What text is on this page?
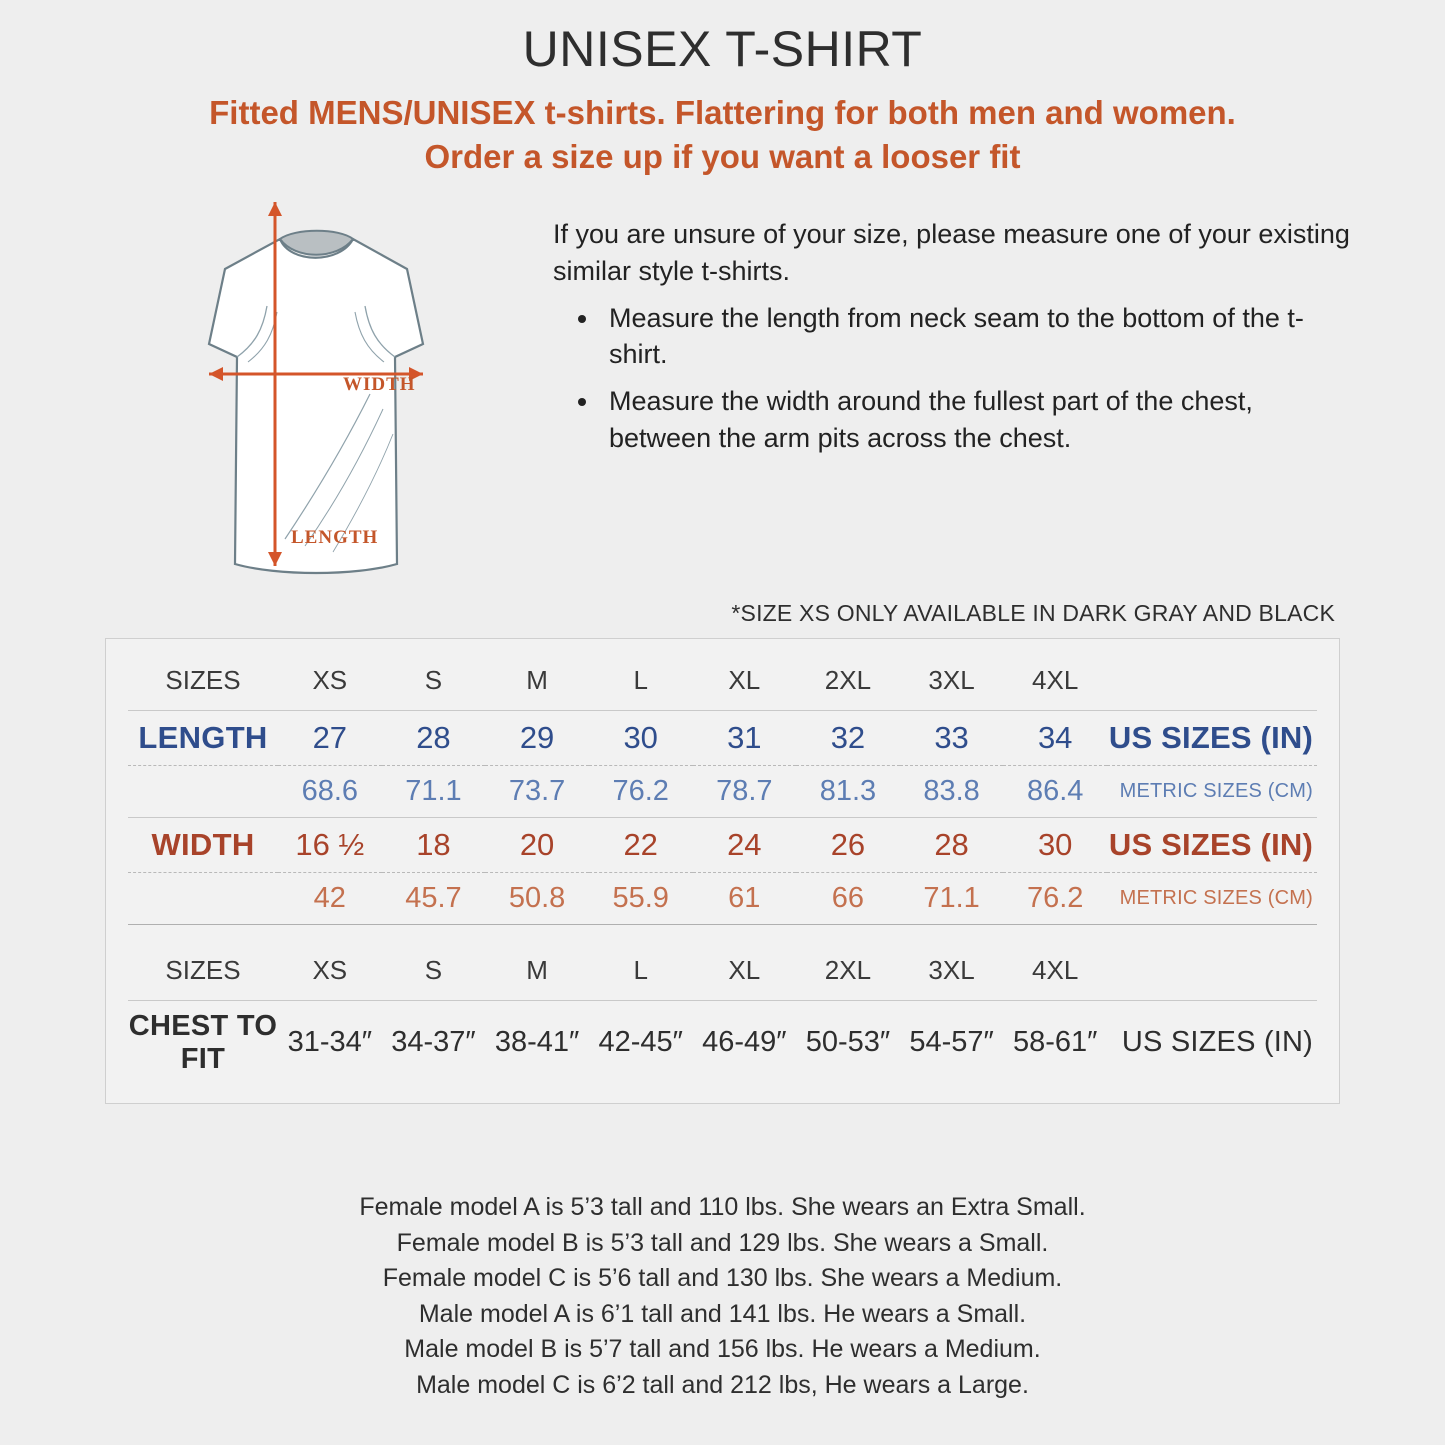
UNISEX T-SHIRT
Fitted MENS/UNISEX t-shirts. Flattering for both men and women.
Order a size up if you want a looser fit
WIDTH
LENGTH

If you are unsure of your size, please measure one of your existing similar style t-shirts.

• Measure the length from neck seam to the bottom of the t-shirt.
• Measure the width around the fullest part of the chest, between the arm pits across the chest.
*SIZE XS ONLY AVAILABLE IN DARK GRAY AND BLACK
SIZES	XS	S	M	L	XL	2XL	3XL	4XL	

LENGTH	27	28	29	30	31	32	33	34	US SIZES (IN)

	68.6	71.1	73.7	76.2	78.7	81.3	83.8	86.4	METRIC SIZES (CM)

WIDTH	16 ½	18	20	22	24	26	28	30	US SIZES (IN)

	42	45.7	50.8	55.9	61	66	71.1	76.2	METRIC SIZES (CM)

SIZES	XS	S	M	L	XL	2XL	3XL	4XL	

CHEST TO FIT	31-34″	34-37″	38-41″	42-45″	46-49″	50-53″	54-57″	58-61″	US SIZES (IN)
Female model A is 5’3 tall and 110 lbs. She wears an Extra Small.
Female model B is 5’3 tall and 129 lbs. She wears a Small.
Female model C is 5’6 tall and 130 lbs. She wears a Medium.
Male model A is 6’1 tall and 141 lbs. He wears a Small.
Male model B is 5’7 tall and 156 lbs. He wears a Medium.
Male model C is 6’2 tall and 212 lbs, He wears a Large.
